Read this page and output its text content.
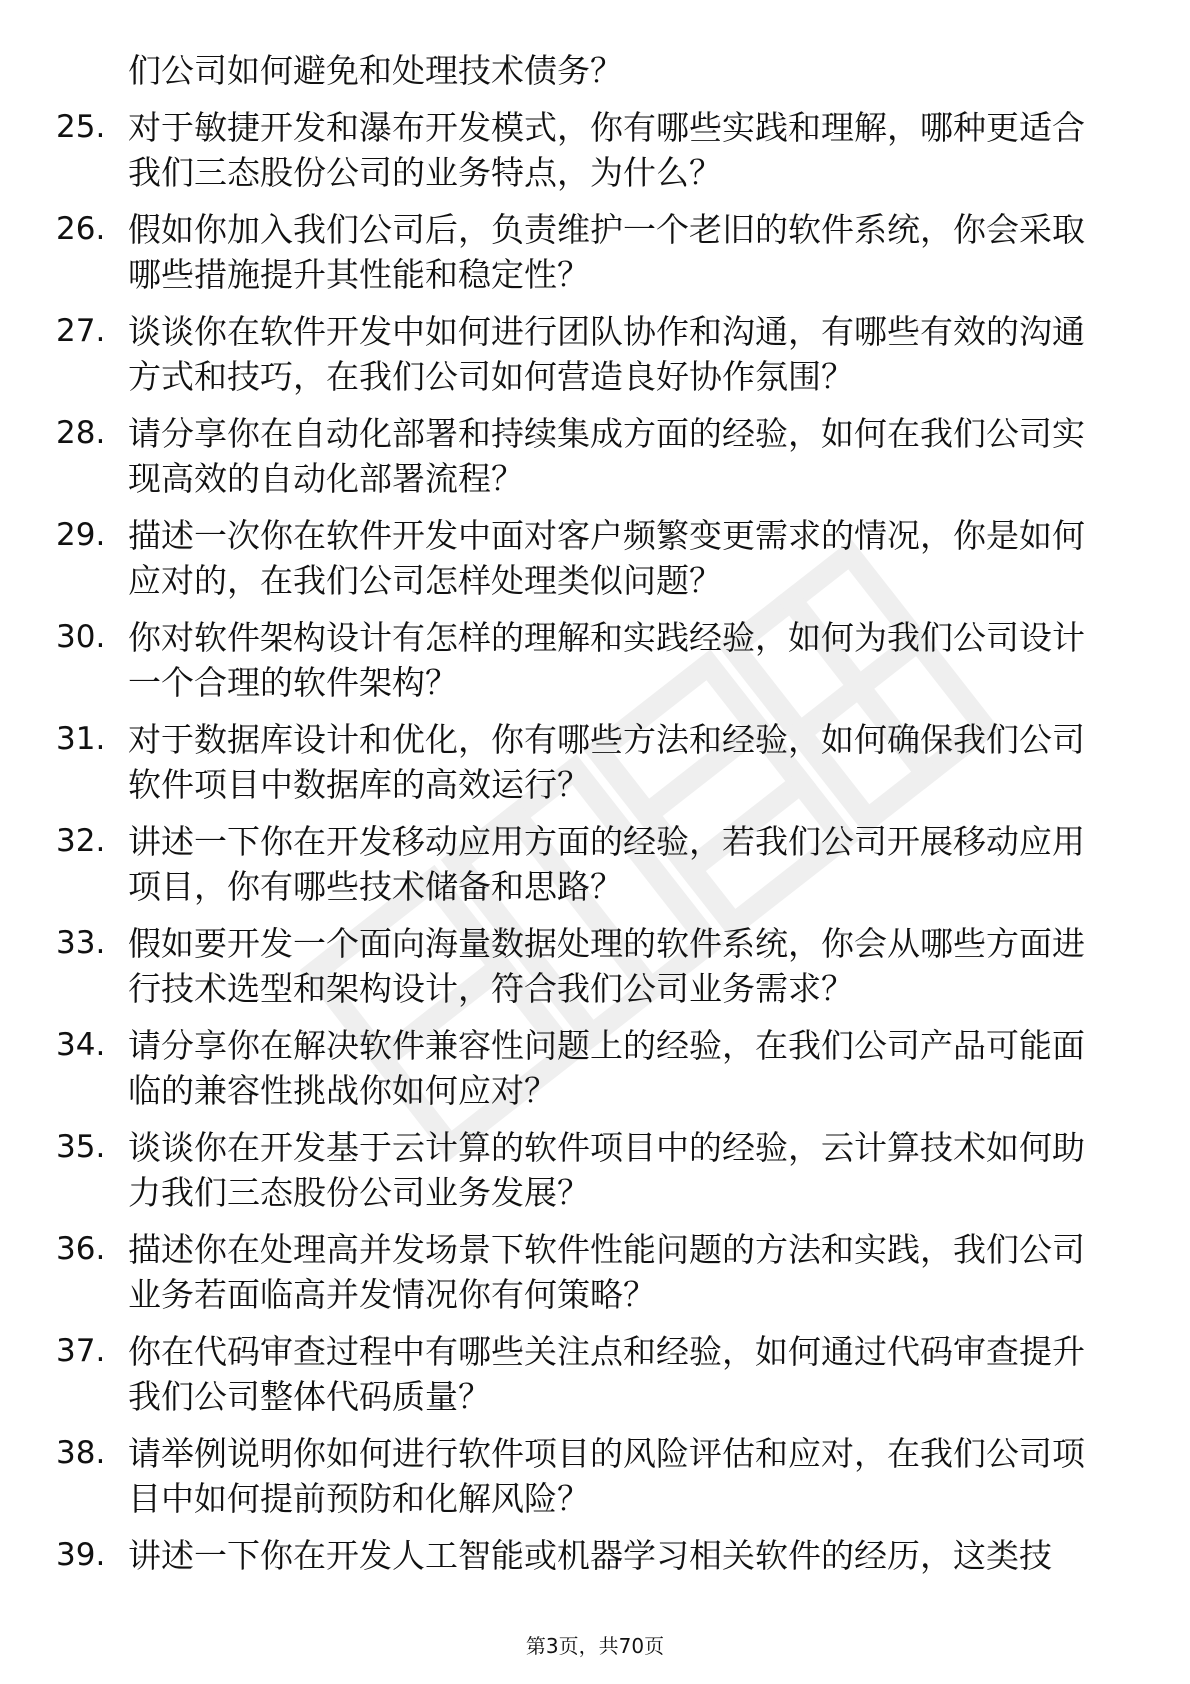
们公司如何避免和处理技术债务？
25. 对于敏捷开发和瀑布开发模式，你有哪些实践和理解，哪种更适合我们三态股份公司的业务特点，为什么？
26. 假如你加入我们公司后，负责维护一个老旧的软件系统，你会采取哪些措施提升其性能和稳定性？
27. 谈谈你在软件开发中如何进行团队协作和沟通，有哪些有效的沟通方式和技巧，在我们公司如何营造良好协作氛围？
28. 请分享你在自动化部署和持续集成方面的经验，如何在我们公司实现高效的自动化部署流程？
29. 描述一次你在软件开发中面对客户频繁变更需求的情况，你是如何应对的，在我们公司怎样处理类似问题？
30. 你对软件架构设计有怎样的理解和实践经验，如何为我们公司设计一个合理的软件架构？
31. 对于数据库设计和优化，你有哪些方法和经验，如何确保我们公司软件项目中数据库的高效运行？
32. 讲述一下你在开发移动应用方面的经验，若我们公司开展移动应用项目，你有哪些技术储备和思路？
33. 假如要开发一个面向海量数据处理的软件系统，你会从哪些方面进行技术选型和架构设计，符合我们公司业务需求？
34. 请分享你在解决软件兼容性问题上的经验，在我们公司产品可能面临的兼容性挑战你如何应对？
35. 谈谈你在开发基于云计算的软件项目中的经验，云计算技术如何助力我们三态股份公司业务发展？
36. 描述你在处理高并发场景下软件性能问题的方法和实践，我们公司业务若面临高并发情况你有何策略？
37. 你在代码审查过程中有哪些关注点和经验，如何通过代码审查提升我们公司整体代码质量？
38. 请举例说明你如何进行软件项目的风险评估和应对，在我们公司项目中如何提前预防和化解风险？
39. 讲述一下你在开发人工智能或机器学习相关软件的经历，这类技
第3页，共70页
